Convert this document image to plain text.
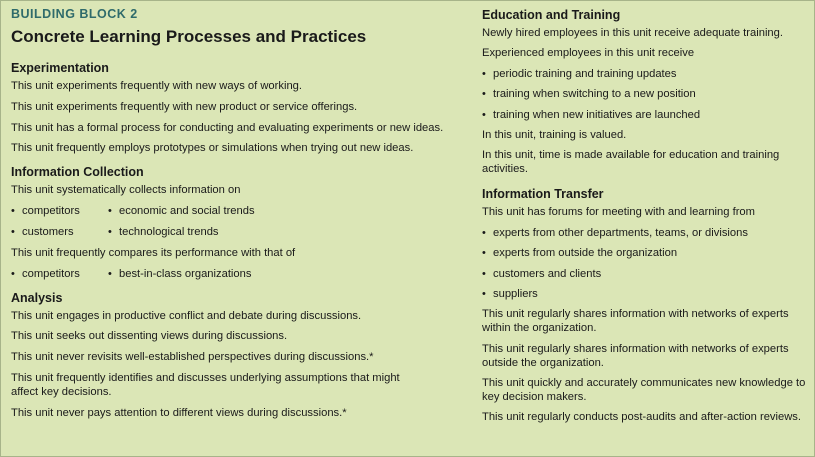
BUILDING BLOCK 2
Concrete Learning Processes and Practices
Experimentation
This unit experiments frequently with new ways of working.
This unit experiments frequently with new product or service offerings.
This unit has a formal process for conducting and evaluating experiments or new ideas.
This unit frequently employs prototypes or simulations when trying out new ideas.
Information Collection
This unit systematically collects information on
• competitors	• economic and social trends
• customers	• technological trends
This unit frequently compares its performance with that of
• competitors	• best-in-class organizations
Analysis
This unit engages in productive conflict and debate during discussions.
This unit seeks out dissenting views during discussions.
This unit never revisits well-established perspectives during discussions.*
This unit frequently identifies and discusses underlying assumptions that might affect key decisions.
This unit never pays attention to different views during discussions.*
Education and Training
Newly hired employees in this unit receive adequate training.
Experienced employees in this unit receive
• periodic training and training updates
• training when switching to a new position
• training when new initiatives are launched
In this unit, training is valued.
In this unit, time is made available for education and training activities.
Information Transfer
This unit has forums for meeting with and learning from
• experts from other departments, teams, or divisions
• experts from outside the organization
• customers and clients
• suppliers
This unit regularly shares information with networks of experts within the organization.
This unit regularly shares information with networks of experts outside the organization.
This unit quickly and accurately communicates new knowledge to key decision makers.
This unit regularly conducts post-audits and after-action reviews.
